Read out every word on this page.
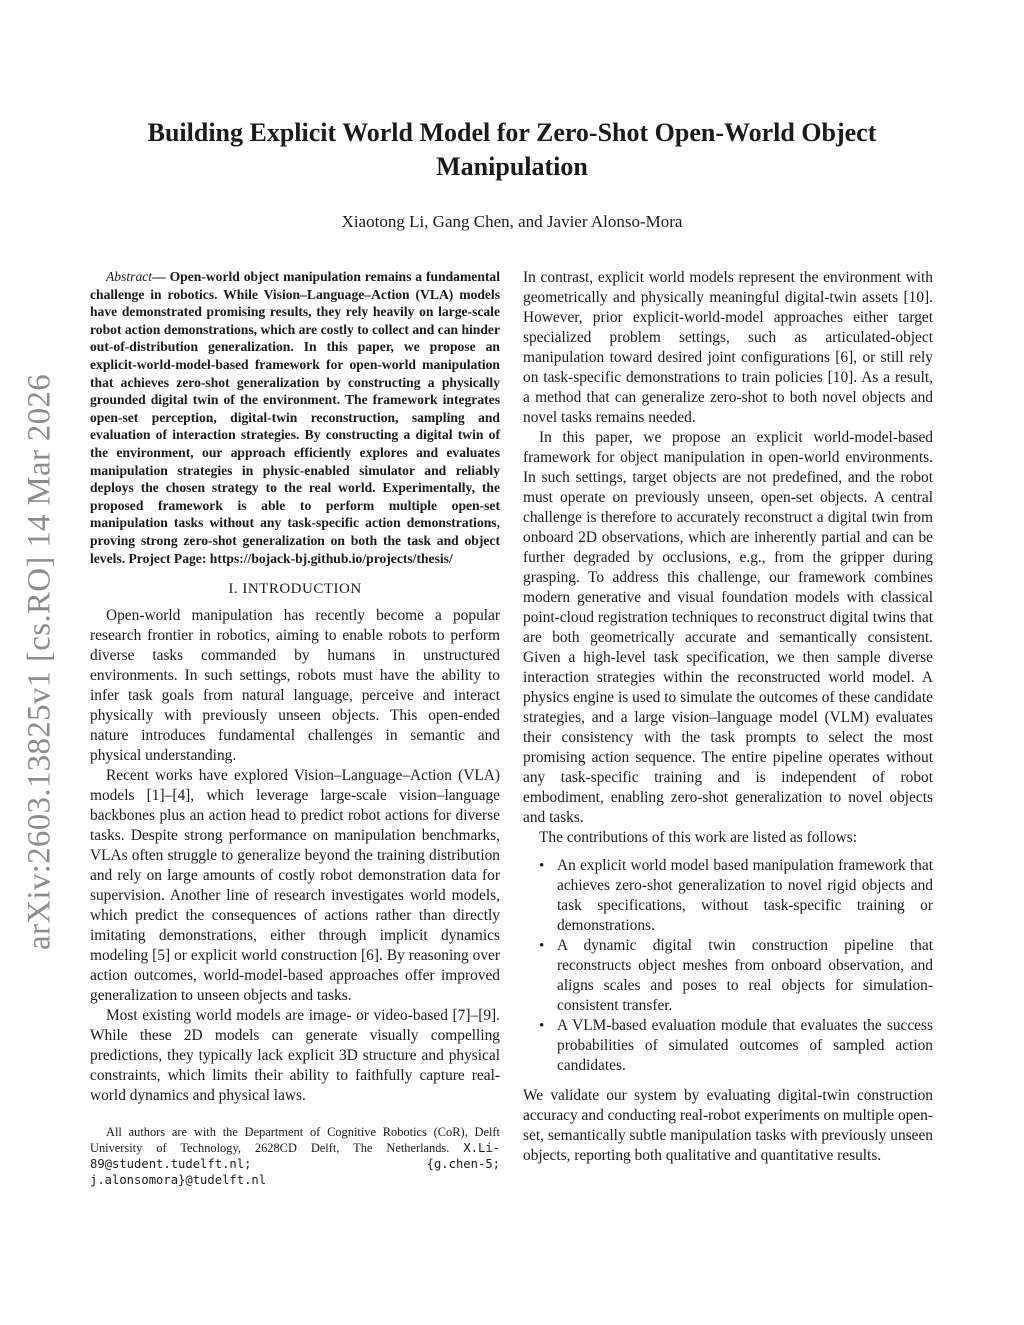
arXiv:2603.13825v1 [cs.RO] 14 Mar 2026
Building Explicit World Model for Zero-Shot Open-World Object
Manipulation
Xiaotong Li, Gang Chen, and Javier Alonso-Mora

Abstract— Open-world object manipulation remains a fundamental challenge in robotics. While Vision–Language–Action (VLA) models have demonstrated promising results, they rely heavily on large-scale robot action demonstrations, which are costly to collect and can hinder out-of-distribution generalization. In this paper, we propose an explicit-world-model-based framework for open-world manipulation that achieves zero-shot generalization by constructing a physically grounded digital twin of the environment. The framework integrates open-set perception, digital-twin reconstruction, sampling and evaluation of interaction strategies. By constructing a digital twin of the environment, our approach efficiently explores and evaluates manipulation strategies in physic-enabled simulator and reliably deploys the chosen strategy to the real world. Experimentally, the proposed framework is able to perform multiple open-set manipulation tasks without any task-specific action demonstrations, proving strong zero-shot generalization on both the task and object levels. Project Page: https://bojack-bj.github.io/projects/thesis/

I. INTRODUCTION

Open-world manipulation has recently become a popular research frontier in robotics, aiming to enable robots to perform diverse tasks commanded by humans in unstructured environments. In such settings, robots must have the ability to infer task goals from natural language, perceive and interact physically with previously unseen objects. This open-ended nature introduces fundamental challenges in semantic and physical understanding.

Recent works have explored Vision–Language–Action (VLA) models [1]–[4], which leverage large-scale vision–language backbones plus an action head to predict robot actions for diverse tasks. Despite strong performance on manipulation benchmarks, VLAs often struggle to generalize beyond the training distribution and rely on large amounts of costly robot demonstration data for supervision. Another line of research investigates world models, which predict the consequences of actions rather than directly imitating demonstrations, either through implicit dynamics modeling [5] or explicit world construction [6]. By reasoning over action outcomes, world-model-based approaches offer improved generalization to unseen objects and tasks.

Most existing world models are image- or video-based [7]–[9]. While these 2D models can generate visually compelling predictions, they typically lack explicit 3D structure and physical constraints, which limits their ability to faithfully capture real-world dynamics and physical laws.

All authors are with the Department of Cognitive Robotics (CoR), Delft University of Technology, 2628CD Delft, The Netherlands. X.Li-89@student.tudelft.nl; {g.chen-5; j.alonsomora}@tudelft.nl

In contrast, explicit world models represent the environment with geometrically and physically meaningful digital-twin assets [10]. However, prior explicit-world-model approaches either target specialized problem settings, such as articulated-object manipulation toward desired joint configurations [6], or still rely on task-specific demonstrations to train policies [10]. As a result, a method that can generalize zero-shot to both novel objects and novel tasks remains needed.

In this paper, we propose an explicit world-model-based framework for object manipulation in open-world environments. In such settings, target objects are not predefined, and the robot must operate on previously unseen, open-set objects. A central challenge is therefore to accurately reconstruct a digital twin from onboard 2D observations, which are inherently partial and can be further degraded by occlusions, e.g., from the gripper during grasping. To address this challenge, our framework combines modern generative and visual foundation models with classical point-cloud registration techniques to reconstruct digital twins that are both geometrically accurate and semantically consistent. Given a high-level task specification, we then sample diverse interaction strategies within the reconstructed world model. A physics engine is used to simulate the outcomes of these candidate strategies, and a large vision–language model (VLM) evaluates their consistency with the task prompts to select the most promising action sequence. The entire pipeline operates without any task-specific training and is independent of robot embodiment, enabling zero-shot generalization to novel objects and tasks.

The contributions of this work are listed as follows:

• An explicit world model based manipulation framework that achieves zero-shot generalization to novel rigid objects and task specifications, without task-specific training or demonstrations.
• A dynamic digital twin construction pipeline that reconstructs object meshes from onboard observation, and aligns scales and poses to real objects for simulation-consistent transfer.
• A VLM-based evaluation module that evaluates the success probabilities of simulated outcomes of sampled action candidates.

We validate our system by evaluating digital-twin construction accuracy and conducting real-robot experiments on multiple open-set, semantically subtle manipulation tasks with previously unseen objects, reporting both qualitative and quantitative results.
